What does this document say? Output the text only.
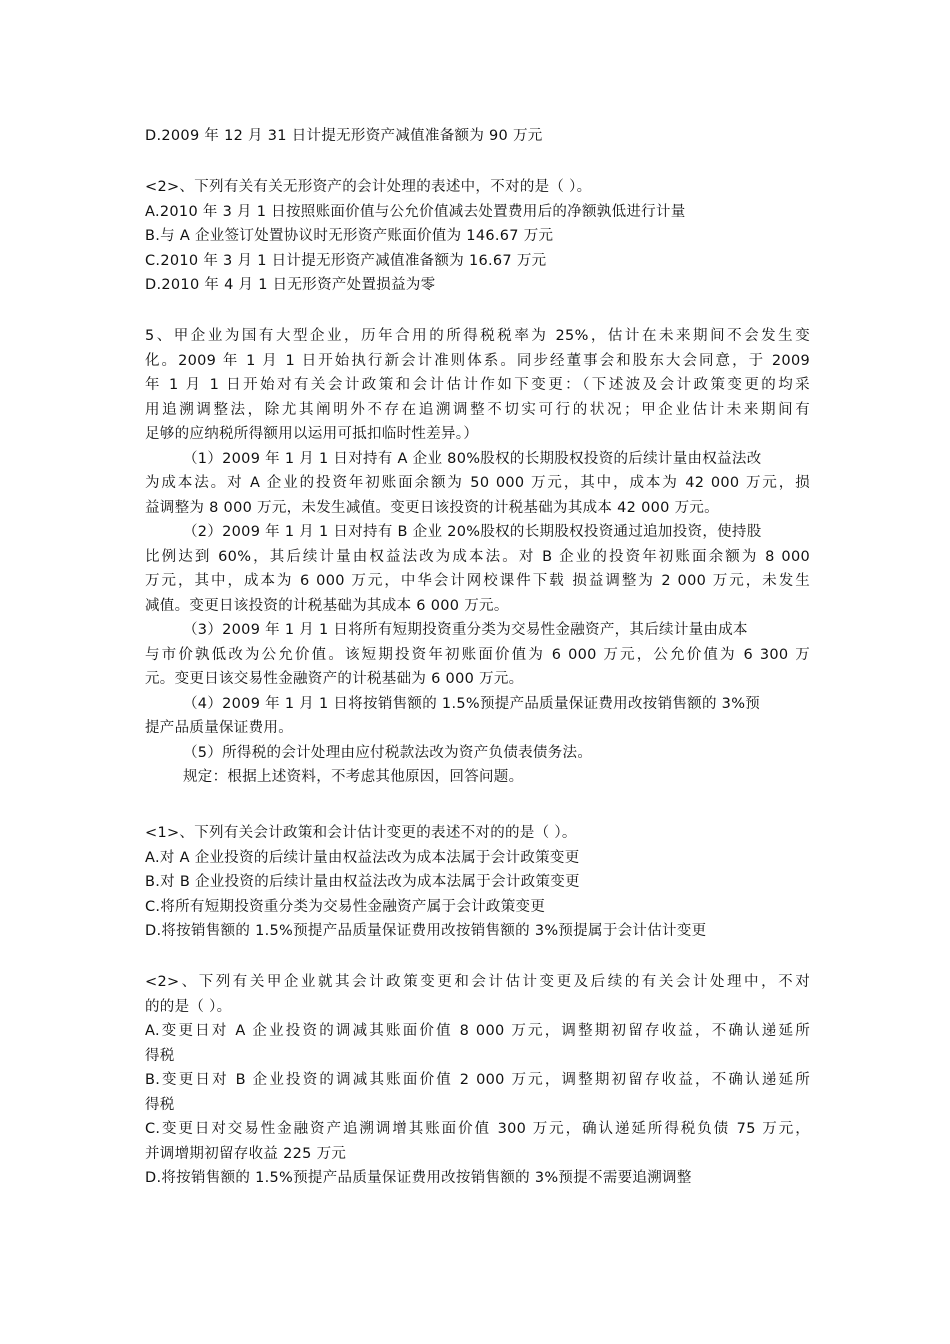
D.2009 年 12 月 31 日计提无形资产减值准备额为 90 万元
<2>、下列有关有关无形资产的会计处理的表述中，不对的是（ ）。
A.2010 年 3 月 1 日按照账面价值与公允价值减去处置费用后的净额孰低进行计量
B.与 A 企业签订处置协议时无形资产账面价值为 146.67 万元
C.2010 年 3 月 1 日计提无形资产减值准备额为 16.67 万元
D.2010 年 4 月 1 日无形资产处置损益为零
5、甲企业为国有大型企业，历年合用的所得税税率为 25%，估计在未来期间不会发生变
化。2009 年 1 月 1 日开始执行新会计准则体系。同步经董事会和股东大会同意，于 2009
年 1 月 1 日开始对有关会计政策和会计估计作如下变更：（下述波及会计政策变更的均采
用追溯调整法，除尤其阐明外不存在追溯调整不切实可行的状况；甲企业估计未来期间有
足够的应纳税所得额用以运用可抵扣临时性差异。）
（1）2009 年 1 月 1 日对持有 A 企业 80%股权的长期股权投资的后续计量由权益法改
为成本法。对 A 企业的投资年初账面余额为 50 000 万元，其中，成本为 42 000 万元，损
益调整为 8 000 万元，未发生减值。变更日该投资的计税基础为其成本 42 000 万元。
（2）2009 年 1 月 1 日对持有 B 企业 20%股权的长期股权投资通过追加投资，使持股
比例达到 60%，其后续计量由权益法改为成本法。对 B 企业的投资年初账面余额为 8 000
万元，其中，成本为 6 000 万元，中华会计网校课件下载 损益调整为 2 000 万元，未发生
减值。变更日该投资的计税基础为其成本 6 000 万元。
（3）2009 年 1 月 1 日将所有短期投资重分类为交易性金融资产，其后续计量由成本
与市价孰低改为公允价值。该短期投资年初账面价值为 6 000 万元，公允价值为 6 300 万
元。变更日该交易性金融资产的计税基础为 6 000 万元。
（4）2009 年 1 月 1 日将按销售额的 1.5%预提产品质量保证费用改按销售额的 3%预
提产品质量保证费用。
（5）所得税的会计处理由应付税款法改为资产负债表债务法。
规定：根据上述资料，不考虑其他原因，回答问题。
<1>、下列有关会计政策和会计估计变更的表述不对的的是（ ）。
A.对 A 企业投资的后续计量由权益法改为成本法属于会计政策变更
B.对 B 企业投资的后续计量由权益法改为成本法属于会计政策变更
C.将所有短期投资重分类为交易性金融资产属于会计政策变更
D.将按销售额的 1.5%预提产品质量保证费用改按销售额的 3%预提属于会计估计变更
<2>、下列有关甲企业就其会计政策变更和会计估计变更及后续的有关会计处理中，不对
的的是（ ）。
A.变更日对 A 企业投资的调减其账面价值 8 000 万元，调整期初留存收益，不确认递延所
得税
B.变更日对 B 企业投资的调减其账面价值 2 000 万元，调整期初留存收益，不确认递延所
得税
C.变更日对交易性金融资产追溯调增其账面价值 300 万元，确认递延所得税负债 75 万元，
并调增期初留存收益 225 万元
D.将按销售额的 1.5%预提产品质量保证费用改按销售额的 3%预提不需要追溯调整
